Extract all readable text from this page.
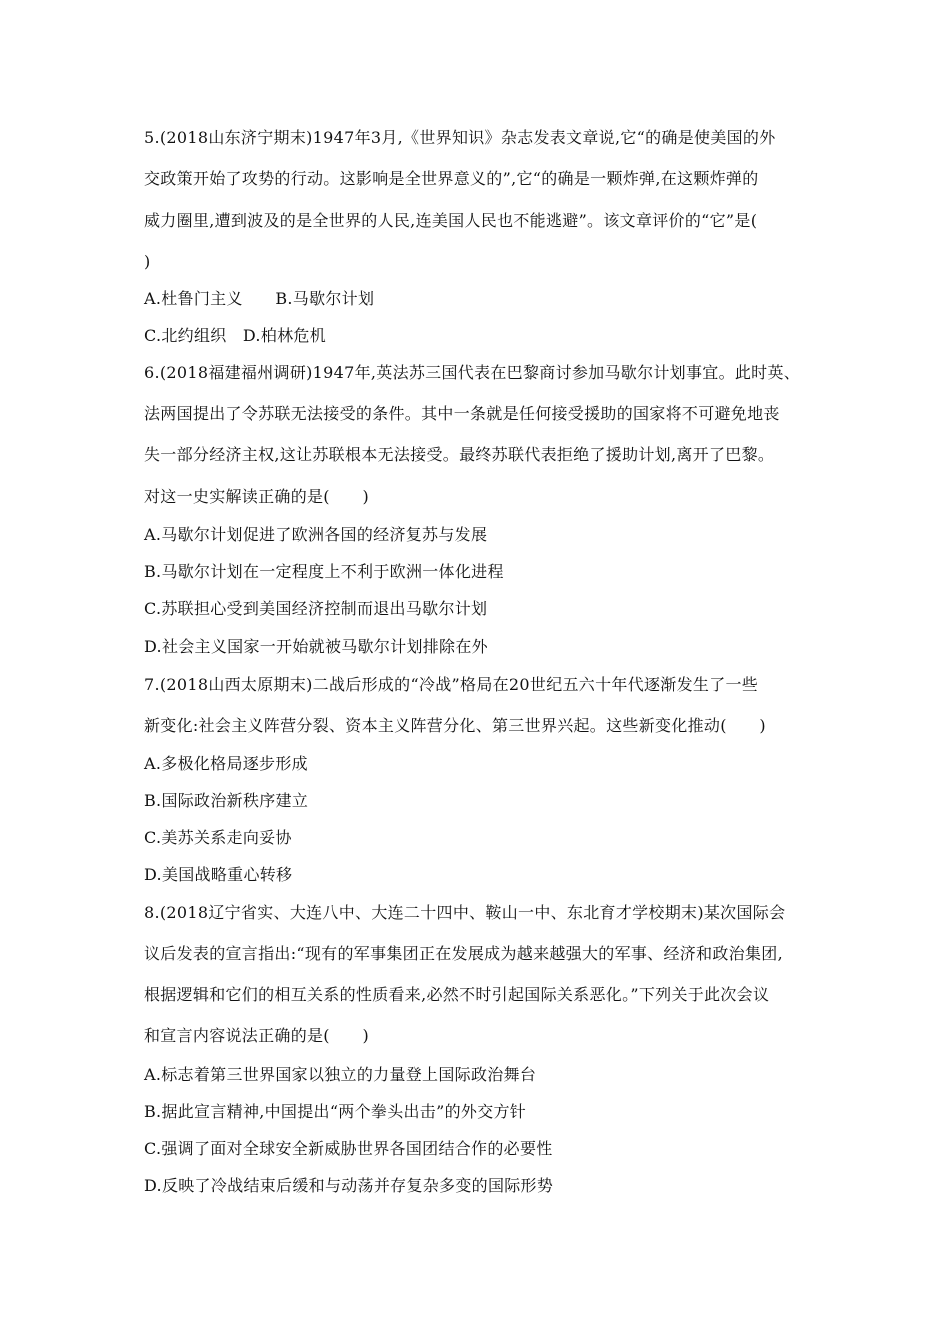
5.(2018山东济宁期末)1947年3月,《世界知识》杂志发表文章说,它“的确是使美国的外
交政策开始了攻势的行动。这影响是全世界意义的”,它“的确是一颗炸弹,在这颗炸弹的
威力圈里,遭到波及的是全世界的人民,连美国人民也不能逃避”。该文章评价的“它”是(
)
A.杜鲁门主义　　B.马歇尔计划
C.北约组织　D.柏林危机
6.(2018福建福州调研)1947年,英法苏三国代表在巴黎商讨参加马歇尔计划事宜。此时英、
法两国提出了令苏联无法接受的条件。其中一条就是任何接受援助的国家将不可避免地丧
失一部分经济主权,这让苏联根本无法接受。最终苏联代表拒绝了援助计划,离开了巴黎。
对这一史实解读正确的是(　　)
A.马歇尔计划促进了欧洲各国的经济复苏与发展
B.马歇尔计划在一定程度上不利于欧洲一体化进程
C.苏联担心受到美国经济控制而退出马歇尔计划
D.社会主义国家一开始就被马歇尔计划排除在外
7.(2018山西太原期末)二战后形成的“冷战”格局在20世纪五六十年代逐渐发生了一些
新变化:社会主义阵营分裂、资本主义阵营分化、第三世界兴起。这些新变化推动(　　)
A.多极化格局逐步形成
B.国际政治新秩序建立
C.美苏关系走向妥协
D.美国战略重心转移
8.(2018辽宁省实、大连八中、大连二十四中、鞍山一中、东北育才学校期末)某次国际会
议后发表的宣言指出:“现有的军事集团正在发展成为越来越强大的军事、经济和政治集团,
根据逻辑和它们的相互关系的性质看来,必然不时引起国际关系恶化。”下列关于此次会议
和宣言内容说法正确的是(　　)
A.标志着第三世界国家以独立的力量登上国际政治舞台
B.据此宣言精神,中国提出“两个拳头出击”的外交方针
C.强调了面对全球安全新威胁世界各国团结合作的必要性
D.反映了冷战结束后缓和与动荡并存复杂多变的国际形势
